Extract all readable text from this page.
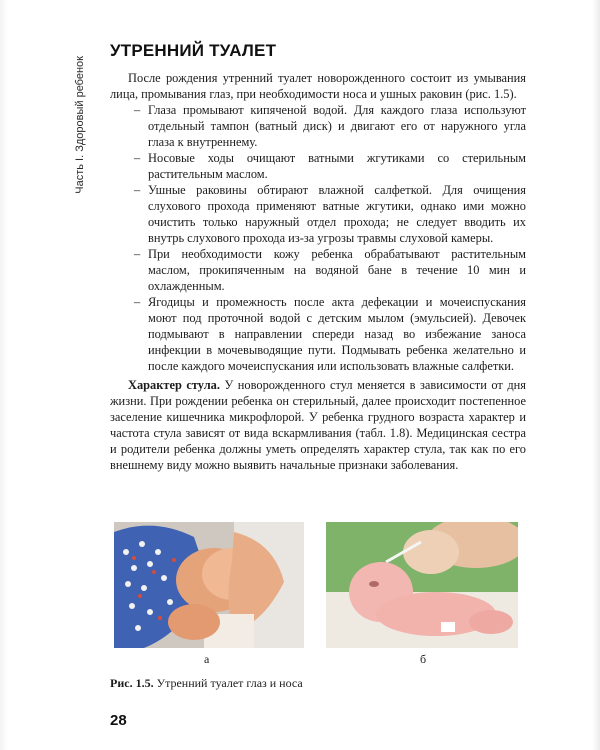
Часть I. Здоровый ребенок
УТРЕННИЙ ТУАЛЕТ

После рождения утренний туалет новорожденного состоит из умывания лица, промывания глаз, при необходимости носа и ушных раковин (рис. 1.5).

– Глаза промывают кипяченой водой. Для каждого глаза используют отдельный тампон (ватный диск) и двигают его от наружного угла глаза к внутреннему.
– Носовые ходы очищают ватными жгутиками со стерильным растительным маслом.
– Ушные раковины обтирают влажной салфеткой. Для очищения слухового прохода применяют ватные жгутики, однако ими можно очистить только наружный отдел прохода; не следует вводить их внутрь слухового прохода из-за угрозы травмы слуховой камеры.
– При необходимости кожу ребенка обрабатывают растительным маслом, прокипяченным на водяной бане в течение 10 мин и охлажденным.
– Ягодицы и промежность после акта дефекации и мочеиспускания моют под проточной водой с детским мылом (эмульсией). Девочек подмывают в направлении спереди назад во избежание заноса инфекции в мочевыводящие пути. Подмывать ребенка желательно и после каждого мочеиспускания или использовать влажные салфетки.

Характер стула. У новорожденного стул меняется в зависимости от дня жизни. При рождении ребенка он стерильный, далее происходит постепенное заселение кишечника микрофлорой. У ребенка грудного возраста характер и частота стула зависят от вида вскармливания (табл. 1.8). Медицинская сестра и родители ребенка должны уметь определять характер стула, так как по его внешнему виду можно выявить начальные признаки заболевания.

а	б
Рис. 1.5. Утренний туалет глаз и носа
28
